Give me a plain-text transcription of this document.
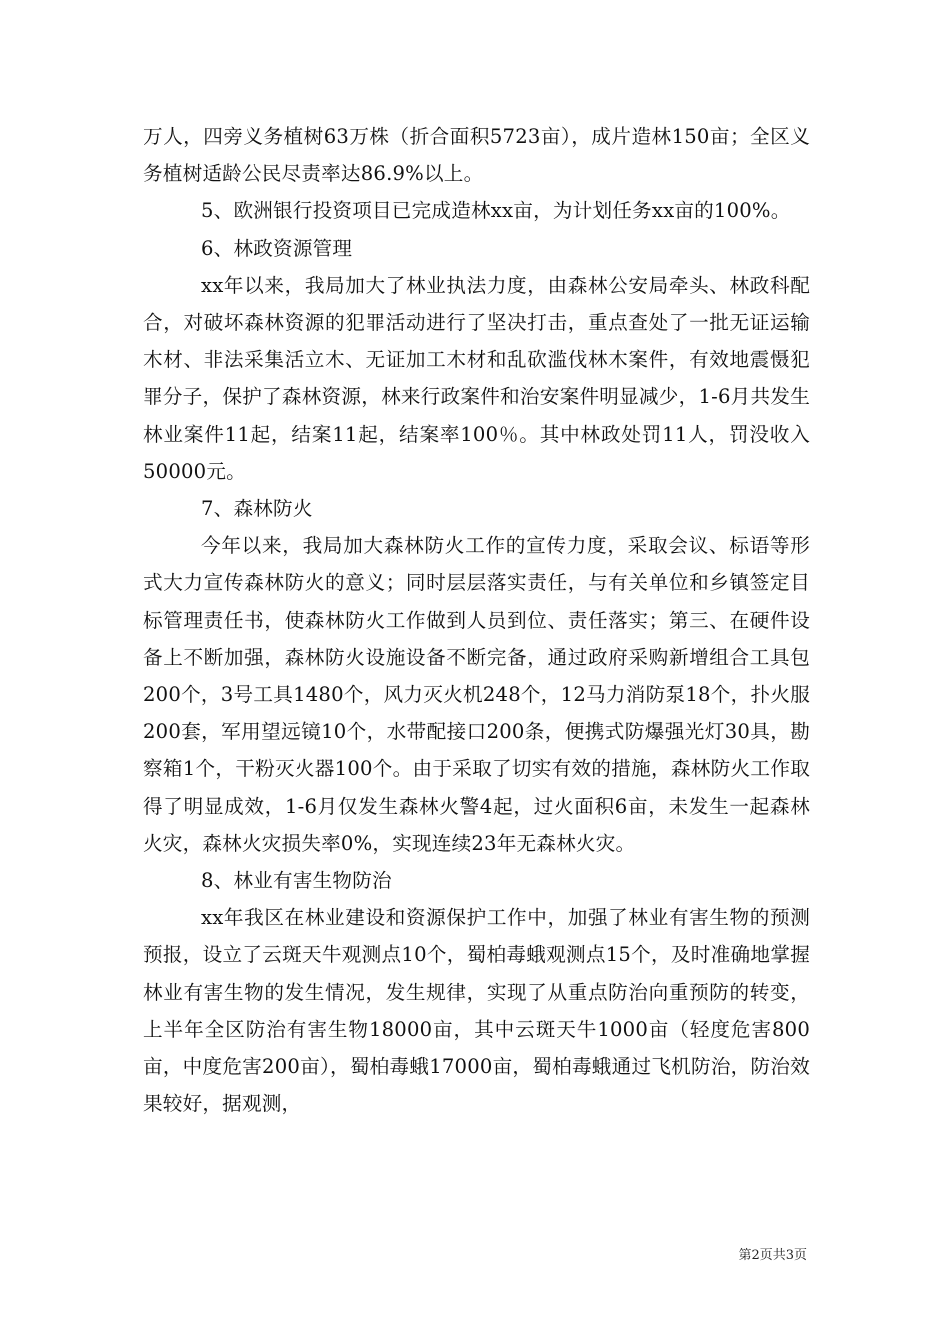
万人，四旁义务植树63万株（折合面积5723亩），成片造林150亩；全区义务植树适龄公民尽责率达86.9%以上。

5、欧洲银行投资项目已完成造林xx亩，为计划任务xx亩的100%。

6、林政资源管理

xx年以来，我局加大了林业执法力度，由森林公安局牵头、林政科配合，对破坏森林资源的犯罪活动进行了坚决打击，重点查处了一批无证运输木材、非法采集活立木、无证加工木材和乱砍滥伐林木案件，有效地震慑犯罪分子，保护了森林资源，林来行政案件和治安案件明显减少，1-6月共发生林业案件11起，结案11起，结案率100％。其中林政处罚11人，罚没收入50000元。

7、森林防火

今年以来，我局加大森林防火工作的宣传力度，采取会议、标语等形式大力宣传森林防火的意义；同时层层落实责任，与有关单位和乡镇签定目标管理责任书，使森林防火工作做到人员到位、责任落实；第三、在硬件设备上不断加强，森林防火设施设备不断完备，通过政府采购新增组合工具包200个，3号工具1480个，风力灭火机248个，12马力消防泵18个，扑火服200套，军用望远镜10个，水带配接口200条，便携式防爆强光灯30具，勘察箱1个，干粉灭火器100个。由于采取了切实有效的措施，森林防火工作取得了明显成效，1-6月仅发生森林火警4起，过火面积6亩，未发生一起森林火灾，森林火灾损失率0%，实现连续23年无森林火灾。

8、林业有害生物防治

xx年我区在林业建设和资源保护工作中，加强了林业有害生物的预测预报，设立了云斑天牛观测点10个，蜀柏毒蛾观测点15个，及时准确地掌握林业有害生物的发生情况，发生规律，实现了从重点防治向重预防的转变，上半年全区防治有害生物18000亩，其中云斑天牛1000亩（轻度危害800亩，中度危害200亩），蜀柏毒蛾17000亩，蜀柏毒蛾通过飞机防治，防治效果较好，据观测，

第2页共3页
